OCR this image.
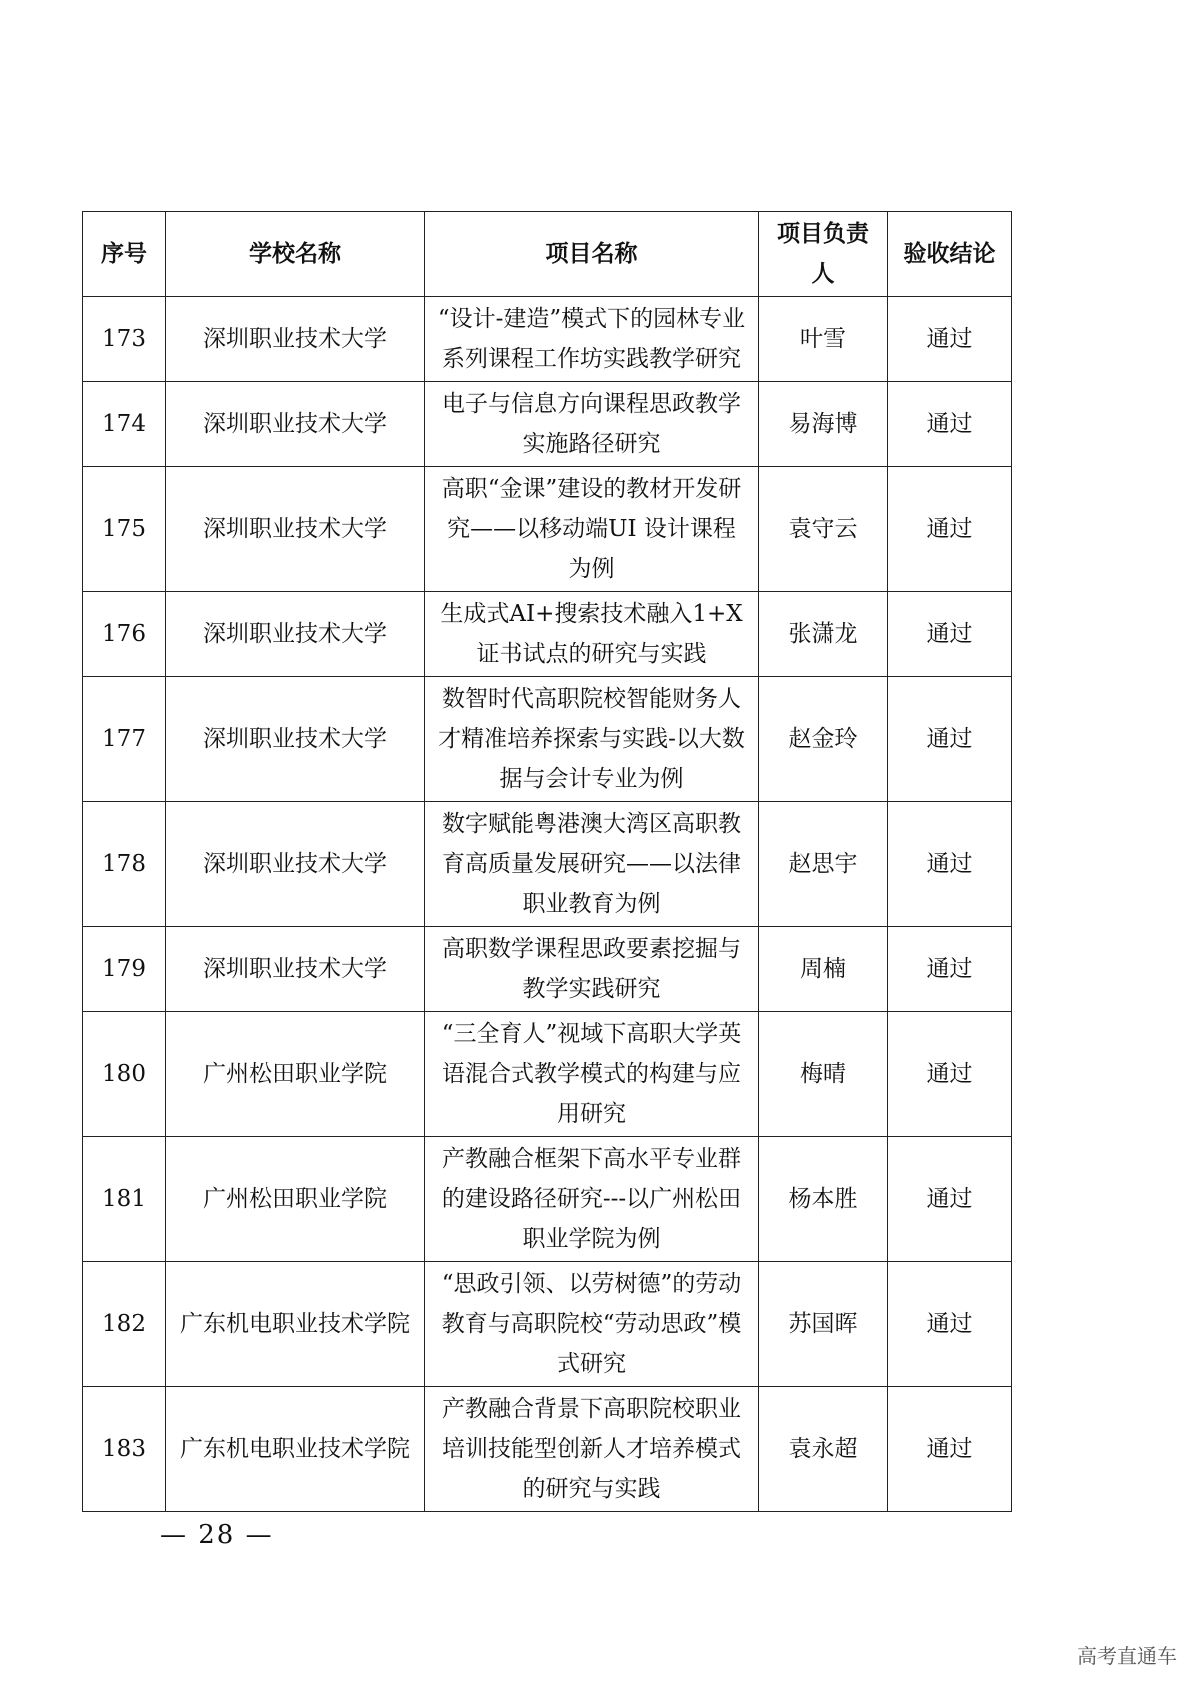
序号	学校名称	项目名称	项目负责人	验收结论
173	深圳职业技术大学	“设计-建造”模式下的园林专业系列课程工作坊实践教学研究	叶雪	通过
174	深圳职业技术大学	电子与信息方向课程思政教学实施路径研究	易海博	通过
175	深圳职业技术大学	高职“金课”建设的教材开发研究——以移动端UI 设计课程为例	袁守云	通过
176	深圳职业技术大学	生成式AI+搜索技术融入1+X证书试点的研究与实践	张潇龙	通过
177	深圳职业技术大学	数智时代高职院校智能财务人才精准培养探索与实践-以大数据与会计专业为例	赵金玲	通过
178	深圳职业技术大学	数字赋能粤港澳大湾区高职教育高质量发展研究——以法律职业教育为例	赵思宇	通过
179	深圳职业技术大学	高职数学课程思政要素挖掘与教学实践研究	周楠	通过
180	广州松田职业学院	“三全育人”视域下高职大学英语混合式教学模式的构建与应用研究	梅晴	通过
181	广州松田职业学院	产教融合框架下高水平专业群的建设路径研究---以广州松田职业学院为例	杨本胜	通过
182	广东机电职业技术学院	“思政引领、以劳树德”的劳动教育与高职院校“劳动思政”模式研究	苏国晖	通过
183	广东机电职业技术学院	产教融合背景下高职院校职业培训技能型创新人才培养模式的研究与实践	袁永超	通过
— 28 —
高考直通车
